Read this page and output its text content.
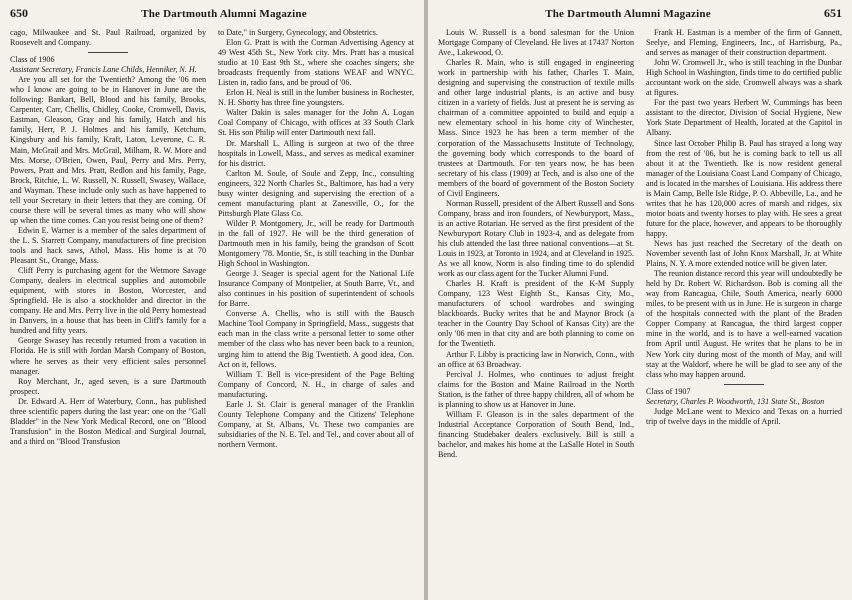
650	The Dartmouth Alumni Magazine

cago, Milwaukee and St. Paul Railroad, organized by Roosevelt and Company.

Class of 1906

Assistant Secretary, Francis Lane Childs, Henniker, N. H.

Are you all set for the Twentieth? Among the '06 men who I know are going to be in Hanover in June are the following: Bankart, Bell, Blood and his family, Brooks, Carpenter, Carr, Chellis, Chidley, Cooke, Cromwell, Davis, Eastman, Gleason, Gray and his family, Hatch and his family, Herr, P. J. Holmes and his family, Ketchum, Kingsbury and his family, Kraft, Laton, Leverone, C. R. Main, McGrail and Mrs. McGrail, Milham, R. W. More and Mrs. Morse, O'Brien, Owen, Paul, Perry and Mrs. Perry, Powers, Pratt and Mrs. Pratt, Redlon and his family, Page, Brock, Ritchie, L. W. Russell, N. Russell, Swasey, Wallace, and Wayman. These include only such as have happened to tell your Secretary in their letters that they are coming. Of course there will be several times as many who will show up when the time comes. Can you resist being one of them?

Edwin E. Warner is a member of the sales department of the L. S. Starrett Company, manufacturers of fine precision tools and hack saws, Athol, Mass. His home is at 70 Pleasant St., Orange, Mass.

Cliff Perry is purchasing agent for the Wetmore Savage Company, dealers in electrical supplies and automobile equipment, with stores in Boston, Worcester, and Springfield. He is also a stockholder and director in the company. He and Mrs. Perry live in the old Perry homestead in Danvers, in a house that has been in Cliff's family for a hundred and fifty years.

George Swasey has recently returned from a vacation in Florida. He is still with Jordan Marsh Company of Boston, where he serves as their very efficient sales personnel manager.

Roy Merchant, Jr., aged seven, is a sure Dartmouth prospect.

Dr. Edward A. Herr of Waterbury, Conn., has published three scientific papers during the last year: one on the "Gall Bladder" in the New York Medical Record, one on "Blood Transfusion" in the Boston Medical and Surgical Journal, and a third on "Blood Transfusion

to Date," in Surgery, Gynecology, and Obstetrics.

Elon G. Pratt is with the Corman Advertising Agency at 49 West 45th St., New York city. Mrs. Pratt has a musical studio at 10 East 9th St., where she coaches singers; she broadcasts frequently from stations WEAF and WNYC. Listen in, radio fans, and be proud of '06.

Erlon H. Neal is still in the lumber business in Rochester, N. H. Shorty has three fine youngsters.

Walter Dakin is sales manager for the John A. Logan Coal Company of Chicago, with offices at 33 South Clark St. His son Philip will enter Dartmouth next fall.

Dr. Marshall L. Alling is surgeon at two of the three hospitals in Lowell, Mass., and serves as medical examiner for his district.

Carlton M. Soule, of Soule and Zepp, Inc., consulting engineers, 322 North Charles St., Baltimore, has had a very busy winter designing and supervising the erection of a cement manufacturing plant at Zanesville, O., for the Pittsburgh Plate Glass Co.

Wilder P. Montgomery, Jr., will be ready for Dartmouth in the fall of 1927. He will be the third generation of Dartmouth men in his family, being the grandson of Scott Montgomery '78. Montie, Sr., is still teaching in the Dunbar High School in Washington.

George J. Seager is special agent for the National Life Insurance Company of Montpelier, at South Barre, Vt., and also continues in his position of superintendent of schools for Barre.

Converse A. Chellis, who is still with the Bausch Machine Tool Company in Springfield, Mass., suggests that each man in the class write a personal letter to some other member of the class who has never been back to a reunion, urging him to attend the Big Twentieth. A good idea, Con. Act on it, fellows.

William T. Bell is vice-president of the Page Belting Company of Concord, N. H., in charge of sales and manufacturing.

Earle J. St. Clair is general manager of the Franklin County Telephone Company and the Citizens' Telephone Company, at St. Albans, Vt. These two companies are subsidiaries of the N. E. Tel. and Tel., and cover about all of northern Vermont.

The Dartmouth Alumni Magazine	651

Louis W. Russell is a bond salesman for the Union Mortgage Company of Cleveland. He lives at 17437 Norton Ave., Lakewood, O.

Charles R. Main, who is still engaged in engineering work in partnership with his father, Charles T. Main, designing and supervising the construction of textile mills and other large industrial plants, is an active and busy citizen in a variety of fields. Just at present he is serving as chairman of a committee appointed to build and equip a new elementary school in his home city of Winchester, Mass. Since 1923 he has been a term member of the corporation of the Massachusetts Institute of Technology, the governing body which corresponds to the board of trustees at Dartmouth. For ten years now, he has been secretary of his class (1909) at Tech, and is also one of the members of the board of government of the Boston Society of Civil Engineers.

Norman Russell, president of the Albert Russell and Sons Company, brass and iron founders, of Newburyport, Mass., is an active Rotarian. He served as the first president of the Newburyport Rotary Club in 1923-4, and as delegate from his club attended the last three national conventions—at St. Louis in 1923, at Toronto in 1924, and at Cleveland in 1925. As we all know, Norm is also finding time to do splendid work as our class agent for the Tucker Alumni Fund.

Charles H. Kraft is president of the K-M Supply Company, 123 West Eighth St., Kansas City, Mo., manufacturers of school wardrobes and swinging blackboards. Bucky writes that he and Maynor Brock (a teacher in the Country Day School of Kansas City) are the only '06 men in that city and are both planning to come on for the Twentieth.

Arthur F. Libby is practicing law in Norwich, Conn., with an office at 63 Broadway.

Percival J. Holmes, who continues to adjust freight claims for the Boston and Maine Railroad in the North Station, is the father of three happy children, all of whom he is planning to show us at Hanover in June.

William F. Gleason is in the sales department of the Industrial Acceptance Corporation of South Bend, Ind., financing Studebaker dealers exclusively. Bill is still a bachelor, and makes his home at the LaSalle Hotel in South Bend.

Frank H. Eastman is a member of the firm of Gannett, Seelye, and Fleming, Engineers, Inc., of Harrisburg, Pa., and serves as manager of their construction department.

John W. Cromwell Jr., who is still teaching in the Dunbar High School in Washington, finds time to do certified public accountant work on the side. Cromwell always was a shark at figures.

For the past two years Herbert W. Cummings has been assistant to the director, Division of Social Hygiene, New York State Department of Health, located at the Capitol in Albany.

Since last October Philip B. Paul has strayed a long way from the rest of '06, but he is coming back to tell us all about it at the Twentieth. Ike is now resident general manager of the Louisiana Coast Land Company of Chicago, and is located in the marshes of Louisiana. His address there is Main Camp, Belle Isle Ridge, P. O. Abbeville, La., and he writes that he has 120,000 acres of marsh and ridges, six motor boats and twenty horses to play with. He sees a great future for the place, however, and appears to be thoroughly happy.

News has just reached the Secretary of the death on November seventh last of John Knox Marshall, Jr. at White Plains, N. Y. A more extended notice will be given later.

The reunion distance record this year will undoubtedly be held by Dr. Robert W. Richardson. Bob is coming all the way from Rancagua, Chile, South America, nearly 6000 miles, to be present with us in June. He is surgeon in charge of the hospitals connected with the plant of the Braden Copper Company at Rancagua, the third largest copper mine in the world, and is to have a well-earned vacation from April until August. He writes that he plans to be in New York city during most of the month of May, and will stay at the Waldorf, where he will be glad to see any of the class who may happen around.

Class of 1907

Secretary, Charles P. Woodworth, 131 State St., Boston

Judge McLane went to Mexico and Texas on a hurried trip of twelve days in the middle of April.
